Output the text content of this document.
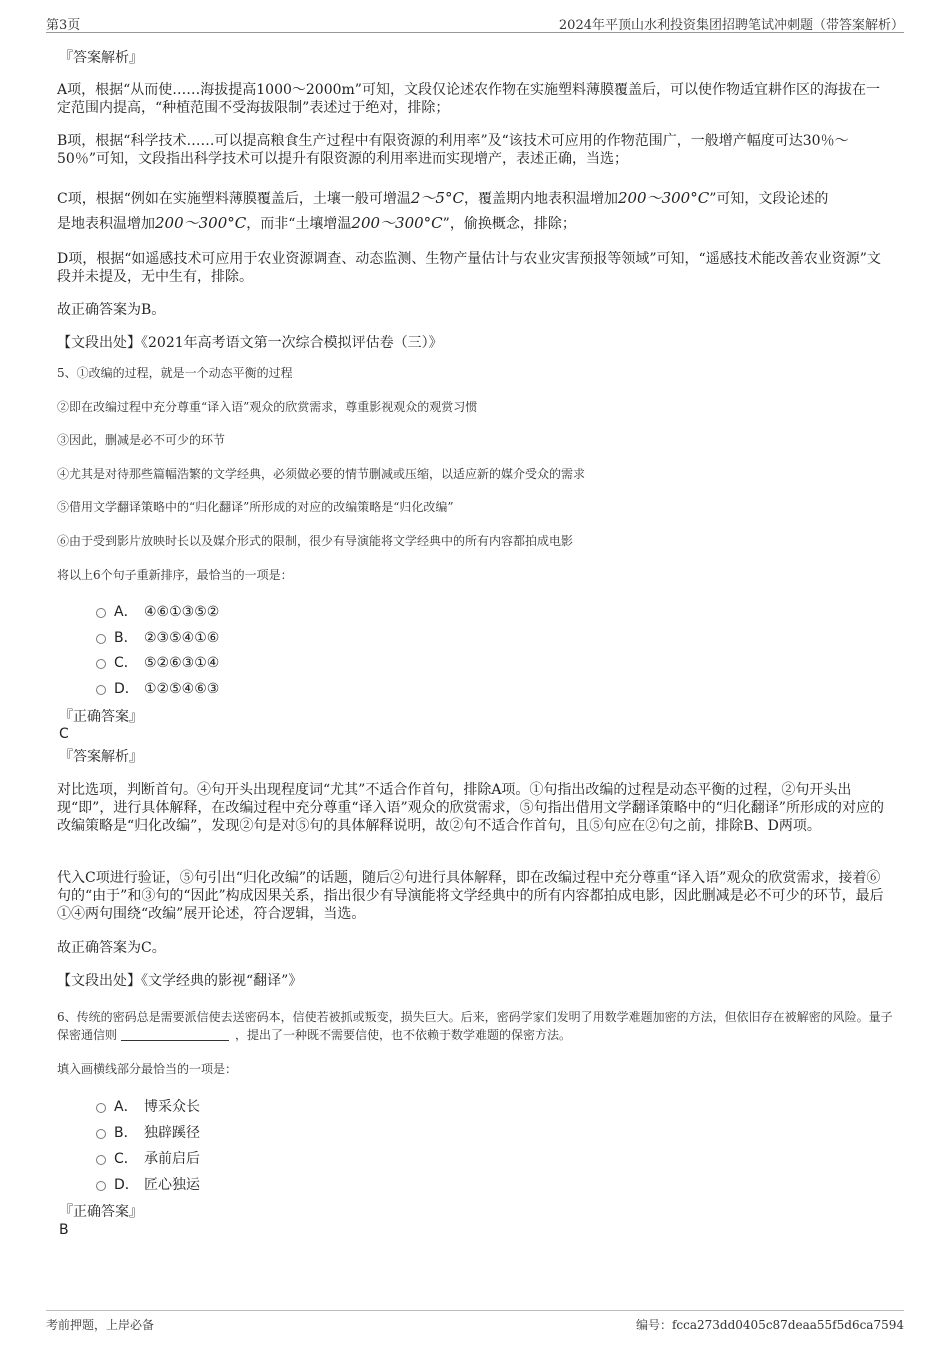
第3页	2024年平顶山水利投资集团招聘笔试冲刺题（带答案解析）
『答案解析』
A项，根据“从而使……海拔提高1000～2000m”可知，文段仅论述农作物在实施塑料薄膜覆盖后，可以使作物适宜耕作区的海拔在一定范围内提高，“种植范围不受海拔限制”表述过于绝对，排除；
B项，根据“科学技术……可以提高粮食生产过程中有限资源的利用率”及“该技术可应用的作物范围广，一般增产幅度可达30％～50％”可知，文段指出科学技术可以提升有限资源的利用率进而实现增产，表述正确，当选；
C项，根据“例如在实施塑料薄膜覆盖后，土壤一般可增温2～5°C，覆盖期内地表积温增加200～300°C”可知，文段论述的
是地表积温增加200～300°C，而非“土壤增温200～300°C”，偷换概念，排除；
D项，根据“如遥感技术可应用于农业资源调查、动态监测、生物产量估计与农业灾害预报等领域”可知，“遥感技术能改善农业资源”文段并未提及，无中生有，排除。
故正确答案为B。
【文段出处】《2021年高考语文第一次综合模拟评估卷（三）》
5、①改编的过程，就是一个动态平衡的过程
②即在改编过程中充分尊重“译入语”观众的欣赏需求，尊重影视观众的观赏习惯
③因此，删减是必不可少的环节
④尤其是对待那些篇幅浩繁的文学经典，必须做必要的情节删减或压缩，以适应新的媒介受众的需求
⑤借用文学翻译策略中的“归化翻译”所形成的对应的改编策略是“归化改编”
⑥由于受到影片放映时长以及媒介形式的限制，很少有导演能将文学经典中的所有内容都拍成电影
将以上6个句子重新排序，最恰当的一项是：
A． ④⑥①③⑤②
B． ②③⑤④①⑥
C． ⑤②⑥③①④
D． ①②⑤④⑥③
『正确答案』
C
『答案解析』
对比选项，判断首句。④句开头出现程度词“尤其”不适合作首句，排除A项。①句指出改编的过程是动态平衡的过程，②句开头出现“即”，进行具体解释，在改编过程中充分尊重“译入语”观众的欣赏需求，⑤句指出借用文学翻译策略中的“归化翻译”所形成的对应的改编策略是“归化改编”，发现②句是对⑤句的具体解释说明，故②句不适合作首句，且⑤句应在②句之前，排除B、D两项。
代入C项进行验证，⑤句引出“归化改编”的话题，随后②句进行具体解释，即在改编过程中充分尊重“译入语”观众的欣赏需求，接着⑥句的“由于”和③句的“因此”构成因果关系，指出很少有导演能将文学经典中的所有内容都拍成电影，因此删减是必不可少的环节，最后①④两句围绕“改编”展开论述，符合逻辑，当选。
故正确答案为C。
【文段出处】《文学经典的影视“翻译”》
6、传统的密码总是需要派信使去送密码本，信使若被抓或叛变，损失巨大。后来，密码学家们发明了用数学难题加密的方法，但依旧存在被解密的风险。量子保密通信则	，提出了一种既不需要信使，也不依赖于数学难题的保密方法。
填入画横线部分最恰当的一项是：
A． 博采众长
B． 独辟蹊径
C． 承前启后
D． 匠心独运
『正确答案』
B
考前押题，上岸必备	编号：fcca273dd0405c87deaa55f5d6ca7594
